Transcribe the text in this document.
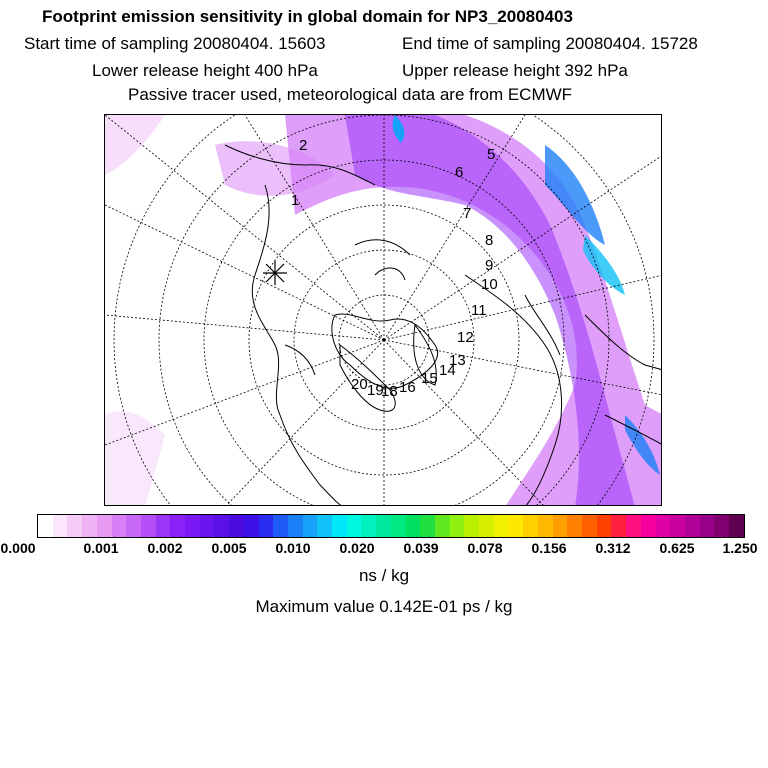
Footprint emission sensitivity in global domain for NP3_20080403
Start time of sampling 20080404. 15603	End time of sampling 20080404. 15728
Lower release height 400 hPa	Upper release height 392 hPa
Passive tracer used, meteorological data are from ECMWF
1
2
5
6
7
8
9
10
11
12
13
14
15
16
18
19
20
0.000	0.001 0.002 0.005 0.010 0.020 0.039 0.078 0.156 0.312 0.625 1.250
ns / kg
Maximum value 0.142E-01 ps / kg
